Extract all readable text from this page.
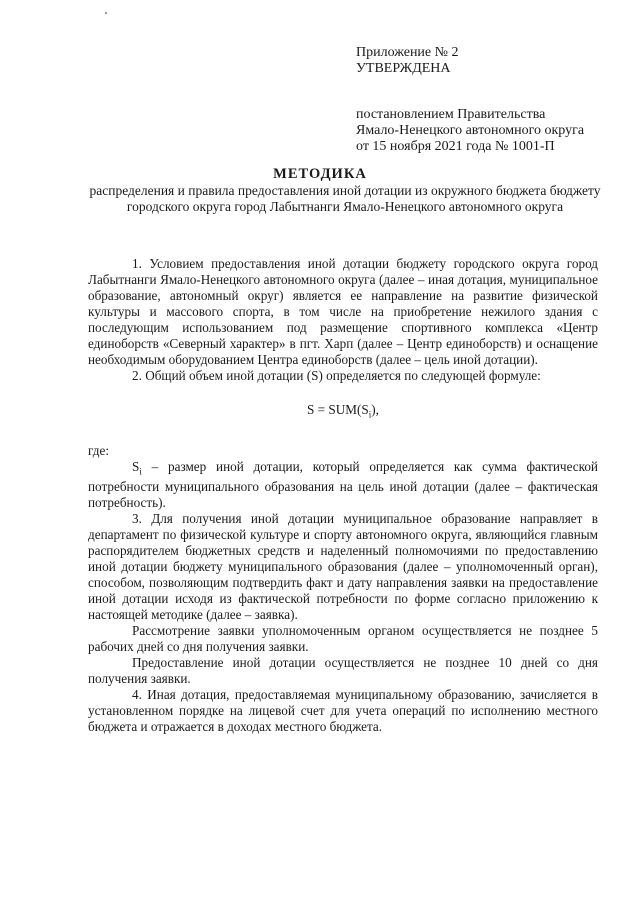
Приложение № 2
УТВЕРЖДЕНА
постановлением Правительства
Ямало-Ненецкого автономного округа
от 15 ноября 2021 года № 1001-П
МЕТОДИКА
распределения и правила предоставления иной дотации из окружного бюджета бюджету городского округа город Лабытнанги Ямало-Ненецкого автономного округа

1. Условием предоставления иной дотации бюджету городского округа город Лабытнанги Ямало-Ненецкого автономного округа (далее – иная дотация, муниципальное образование, автономный округ) является ее направление на развитие физической культуры и массового спорта, в том числе на приобретение нежилого здания с последующим использованием под размещение спортивного комплекса «Центр единоборств «Северный характер» в пгт. Харп (далее – Центр единоборств) и оснащение необходимым оборудованием Центра единоборств (далее – цель иной дотации).

2. Общий объем иной дотации (S) определяется по следующей формуле:

$S = SUM(S_i)$,

где:

$S_i$ – размер иной дотации, который определяется как сумма фактической потребности муниципального образования на цель иной дотации (далее – фактическая потребность).

3. Для получения иной дотации муниципальное образование направляет в департамент по физической культуре и спорту автономного округа, являющийся главным распорядителем бюджетных средств и наделенный полномочиями по предоставлению иной дотации бюджету муниципального образования (далее – уполномоченный орган), способом, позволяющим подтвердить факт и дату направления заявки на предоставление иной дотации исходя из фактической потребности по форме согласно приложению к настоящей методике (далее – заявка).

Рассмотрение заявки уполномоченным органом осуществляется не позднее 5 рабочих дней со дня получения заявки.

Предоставление иной дотации осуществляется не позднее 10 дней со дня получения заявки.

4. Иная дотация, предоставляемая муниципальному образованию, зачисляется в установленном порядке на лицевой счет для учета операций по исполнению местного бюджета и отражается в доходах местного бюджета.
